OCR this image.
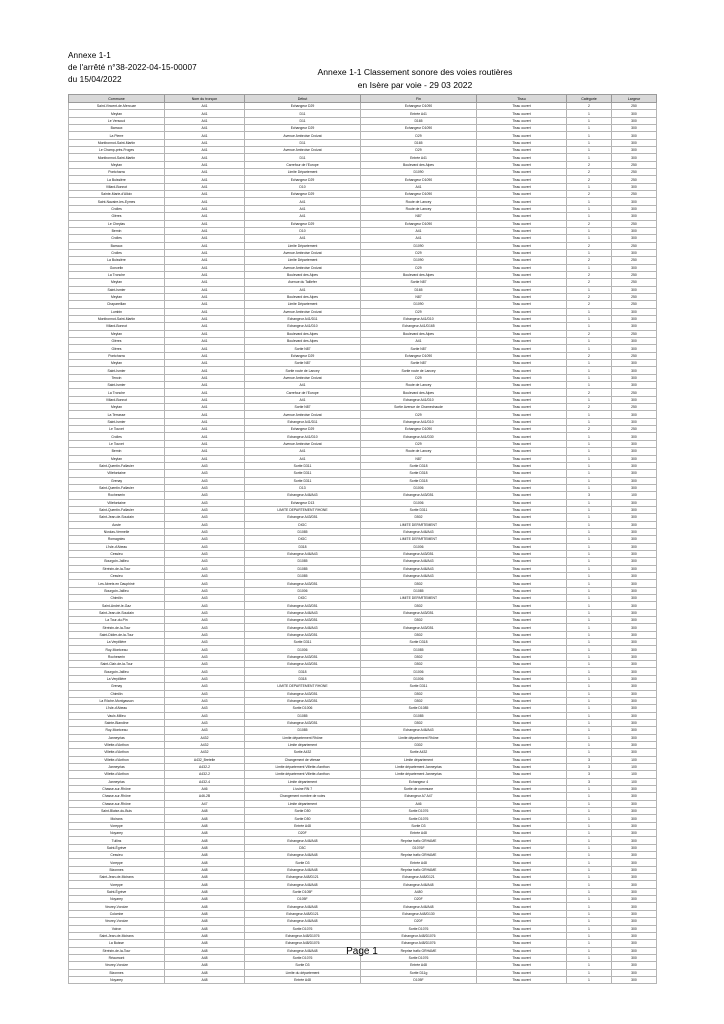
Annexe 1-1
de l'arrêté n°38-2022-04-15-00007
du 15/04/2022
Annexe 1-1 Classement sonore des voies routières
en Isère par voie - 29 03 2022
Commune	Nom du tronçon	Début	Fin	Tissu	Catégorie	Largeur
Saint-Vincent-de-Mercuze	A41	Echangeur D29	Echangeur D1090	Tissu ouvert	2	250
Meylan	A41	D11	Entrée A41	Tissu ouvert	1	300
Le Versoud	A41	D11	D165	Tissu ouvert	1	300
Barraux	A41	Echangeur D29	Echangeur D1090	Tissu ouvert	1	300
La Pierre	A41	Avenue Ambroise Croizat	D29	Tissu ouvert	1	300
Montbonnot-Saint-Martin	A41	D11	D165	Tissu ouvert	1	300
Le Champ-près-Froges	A41	Avenue Ambroise Croizat	D29	Tissu ouvert	1	300
Montbonnot-Saint-Martin	A41	D11	Entrée A41	Tissu ouvert	1	300
Meylan	A41	Carrefour de l'Europe	Boulevard des Alpes	Tissu ouvert	2	250
Pontcharra	A41	Limite Département	D1090	Tissu ouvert	2	250
La Buissière	A41	Echangeur D29	Echangeur D1090	Tissu ouvert	2	250
Villard-Bonnot	A41	D10	A41	Tissu ouvert	1	300
Sainte-Marie-d'Alloix	A41	Echangeur D29	Echangeur D1090	Tissu ouvert	2	250
Saint-Nazaire-les-Eymes	A41	A41	Route de Lancey	Tissu ouvert	1	300
Crolles	A41	A41	Route de Lancey	Tissu ouvert	1	300
Gières	A41	A41	N87	Tissu ouvert	1	300
Le Cheylas	A41	Echangeur D29	Echangeur D1090	Tissu ouvert	2	250
Bernin	A41	D10	A41	Tissu ouvert	1	300
Crolles	A41	A41	A41	Tissu ouvert	1	300
Barraux	A41	Limite Département	D1090	Tissu ouvert	2	250
Crolles	A41	Avenue Ambroise Croizat	D29	Tissu ouvert	1	300
La Buissière	A41	Limite Département	D1090	Tissu ouvert	2	250
Goncelin	A41	Avenue Ambroise Croizat	D29	Tissu ouvert	1	300
La Tronche	A41	Boulevard des Alpes	Boulevard des Alpes	Tissu ouvert	2	250
Meylan	A41	Avenue du Taillefer	Sortie N87	Tissu ouvert	2	250
Saint-Ismier	A41	A41	D165	Tissu ouvert	1	300
Meylan	A41	Boulevard des Alpes	N87	Tissu ouvert	2	250
Chapareillan	A41	Limite Département	D1090	Tissu ouvert	2	250
Lumbin	A41	Avenue Ambroise Croizat	D29	Tissu ouvert	1	300
Montbonnot-Saint-Martin	A41	Echangeur A41/D11	Echangeur A41/D10	Tissu ouvert	1	300
Villard-Bonnot	A41	Echangeur A41/D10	Echangeur A41/D165	Tissu ouvert	1	300
Meylan	A41	Boulevard des Alpes	Boulevard des Alpes	Tissu ouvert	2	250
Gières	A41	Boulevard des Alpes	A41	Tissu ouvert	1	300
Gières	A41	Sortie N87	Sortie N87	Tissu ouvert	1	300
Pontcharra	A41	Echangeur D29	Echangeur D1090	Tissu ouvert	2	250
Meylan	A41	Sortie N87	Sortie N87	Tissu ouvert	1	300
Saint-Ismier	A41	Sortie route de Lancey	Sortie route de Lancey	Tissu ouvert	1	300
Tencin	A41	Avenue Ambroise Croizat	D29	Tissu ouvert	1	300
Saint-Ismier	A41	A41	Route de Lancey	Tissu ouvert	1	300
La Tronche	A41	Carrefour de l'Europe	Boulevard des Alpes	Tissu ouvert	2	250
Villard-Bonnot	A41	A41	Echangeur A41/D10	Tissu ouvert	1	300
Meylan	A41	Sortie N87	Sortie Avenue de Chamechaude	Tissu ouvert	2	250
La Terrasse	A41	Avenue Ambroise Croizat	D29	Tissu ouvert	1	300
Saint-Ismier	A41	Echangeur A41/D11	Echangeur A41/D10	Tissu ouvert	1	300
Le Touvet	A41	Echangeur D29	Echangeur D1090	Tissu ouvert	2	250
Crolles	A41	Echangeur A41/D10	Echangeur A41/D30	Tissu ouvert	1	300
Le Touvet	A41	Avenue Ambroise Croizat	D29	Tissu ouvert	1	300
Bernin	A41	A41	Route de Lancey	Tissu ouvert	1	300
Meylan	A41	A41	N87	Tissu ouvert	1	300
Saint-Quentin-Fallavier	A43	Sortie D311	Sortie D318	Tissu ouvert	1	300
Villefontaine	A43	Sortie D311	Sortie D318	Tissu ouvert	1	300
Grenay	A43	Sortie D311	Sortie D318	Tissu ouvert	1	300
Saint-Quentin-Fallavier	A43	D13	D1006	Tissu ouvert	1	300
Rocheserin	A43	Echangeur A46/A43	Echangeur A43/D51	Tissu ouvert	3	100
Villefontaine	A43	Echangeur D13	D1006	Tissu ouvert	1	300
Saint-Quentin-Fallavier	A43	LIMITE DEPARTEMENT RHONE	Sortie D311	Tissu ouvert	1	300
Saint-Jean-de-Soudain	A43	Echangeur A43/D51	D502	Tissu ouvert	1	300
Aoste	A43	DIGC	LIMITE DEPARTEMENT	Tissu ouvert	1	300
Nivolas-Vermelle	A43	D1085	Echangeur A46/A43	Tissu ouvert	1	300
Romagnieu	A43	DIGC	LIMITE DEPARTEMENT	Tissu ouvert	1	300
L'Isle-d'Abeau	A43	D318	D1006	Tissu ouvert	1	300
Cessieu	A43	Echangeur A46/A43	Echangeur A43/D51	Tissu ouvert	1	300
Bourgoin-Jallieu	A43	D1085	Echangeur A46/A43	Tissu ouvert	1	300
Sérézin-de-la-Tour	A43	D1085	Echangeur A46/A43	Tissu ouvert	1	300
Cessieu	A43	D1085	Echangeur A46/A43	Tissu ouvert	1	300
Les Abrets en Dauphiné	A43	Echangeur A43/D51	D502	Tissu ouvert	1	300
Bourgoin-Jallieu	A43	D1006	D1085	Tissu ouvert	1	300
Chimilin	A43	DIGC	LIMITE DEPARTEMENT	Tissu ouvert	1	300
Saint-André-le-Gaz	A43	Echangeur A43/D51	D502	Tissu ouvert	1	300
Saint-Jean-de-Soudain	A43	Echangeur A46/A43	Echangeur A43/D51	Tissu ouvert	1	300
La Tour-du-Pin	A43	Echangeur A43/D51	D502	Tissu ouvert	1	300
Sérézin-de-la-Tour	A43	Echangeur A46/A43	Echangeur A43/D51	Tissu ouvert	1	300
Saint-Didier-de-la-Tour	A43	Echangeur A43/D51	D502	Tissu ouvert	1	300
La Verpillière	A43	Sortie D311	Sortie D318	Tissu ouvert	1	300
Ruy-Montceau	A43	D1006	D1085	Tissu ouvert	1	300
Rocheserin	A43	Echangeur A43/D51	D502	Tissu ouvert	1	300
Saint-Clair-de-la-Tour	A43	Echangeur A43/D51	D502	Tissu ouvert	1	300
Bourgoin-Jallieu	A43	D318	D1006	Tissu ouvert	1	300
La Verpillière	A43	D318	D1006	Tissu ouvert	1	300
Grenay	A43	LIMITE DEPARTEMENT RHONE	Sortie D311	Tissu ouvert	1	300
Chimilin	A43	Echangeur A43/D51	D502	Tissu ouvert	1	300
La Rôche-Montgasson	A43	Echangeur A43/D51	D502	Tissu ouvert	1	300
L'Isle-d'Abeau	A43	Sortie D1006	Sortie D1085	Tissu ouvert	1	300
Vaulx-Milieu	A43	D1085	D1085	Tissu ouvert	1	300
Sainte-Blandine	A43	Echangeur A43/D51	D502	Tissu ouvert	1	300
Ruy-Montceau	A43	D1085	Echangeur A46/A43	Tissu ouvert	1	300
Janneyrias	A432	Limite département Rhône	Limite département Rhône	Tissu ouvert	1	300
Villette-d'Anthon	A432	Limite département	D302	Tissu ouvert	1	300
Villette-d'Anthon	A432	Sortie A432	Sortie A432	Tissu ouvert	1	300
Villette-d'Anthon	A432_Bretelle	Changement de vitesse	Limite département	Tissu ouvert	3	100
Janneyrias	A432-2	Limite département Villette-d'anthon	Limite département Janneyrias	Tissu ouvert	3	100
Villette-d'Anthon	A432-2	Limite département Villette-d'anthon	Limite département Janneyrias	Tissu ouvert	3	100
Janneyrias	A432-4	Limite département	Echangeur 4	Tissu ouvert	3	100
Chasse-sur-Rhône	A46	L'usine RN 7	Sortie de commune	Tissu ouvert	1	300
Chasse-sur-Rhône	A46-2B	Changement nombre de voies	Echangeur A7 A47	Tissu ouvert	1	300
Chasse-sur-Rhône	A47	Limite département	A46	Tissu ouvert	1	300
Saint-Blaise-du-Buis	A48	Sortie D50	Sortie D1076	Tissu ouvert	1	300
Moirans	A48	Sortie D50	Sortie D1076	Tissu ouvert	1	300
Voreppe	A48	Entrée A48	Sortie D3	Tissu ouvert	1	300
Noyarey	A48	D20F	Entrée A48	Tissu ouvert	1	300
Tullins	A48	Echangeur A46/A48	Reprise trafic GRHAME	Tissu ouvert	1	300
Saint-Égrève	A48	D3C	D1076F	Tissu ouvert	1	300
Cessieu	A48	Echangeur A46/A48	Reprise trafic GRHAME	Tissu ouvert	1	300
Voreppe	A48	Sortie D3	Entrée A48	Tissu ouvert	1	300
Bizonnes	A48	Echangeur A46/A48	Reprise trafic GRHAME	Tissu ouvert	1	300
Saint-Jean-de-Moirans	A48	Echangeur A48/D121	Echangeur A48/D121	Tissu ouvert	1	300
Voreppe	A48	Echangeur A46/A48	Echangeur A46/A48	Tissu ouvert	1	300
Saint-Égrève	A48	Sortie D105F	A480	Tissu ouvert	1	300
Noyarey	A48	D105F	D20F	Tissu ouvert	1	300
Veurey-Voroize	A48	Echangeur A46/A48	Echangeur A46/A48	Tissu ouvert	1	300
Colombe	A48	Echangeur A48/D121	Echangeur A48/D130	Tissu ouvert	1	300
Veurey-Voroize	A48	Echangeur A46/A48	D20F	Tissu ouvert	1	300
Voiron	A48	Sortie D1076	Sortie D1076	Tissu ouvert	1	300
Saint-Jean-de-Moirans	A48	Echangeur A48/D1076	Echangeur A48/D1076	Tissu ouvert	1	300
La Buisse	A48	Echangeur A48/D1076	Echangeur A48/D1076	Tissu ouvert	1	300
Sérézin-de-la-Tour	A48	Echangeur A46/A48	Reprise trafic GRHAME	Tissu ouvert	1	300
Réaumont	A48	Sortie D1076	Sortie D1076	Tissu ouvert	1	300
Veurey-Voroize	A48	Sortie D3	Entrée A48	Tissu ouvert	1	300
Bizonnes	A48	Limite du département	Sortie D11g	Tissu ouvert	1	300
Noyarey	A48	Entrée A48	D105F	Tissu ouvert	1	300
Page 1
